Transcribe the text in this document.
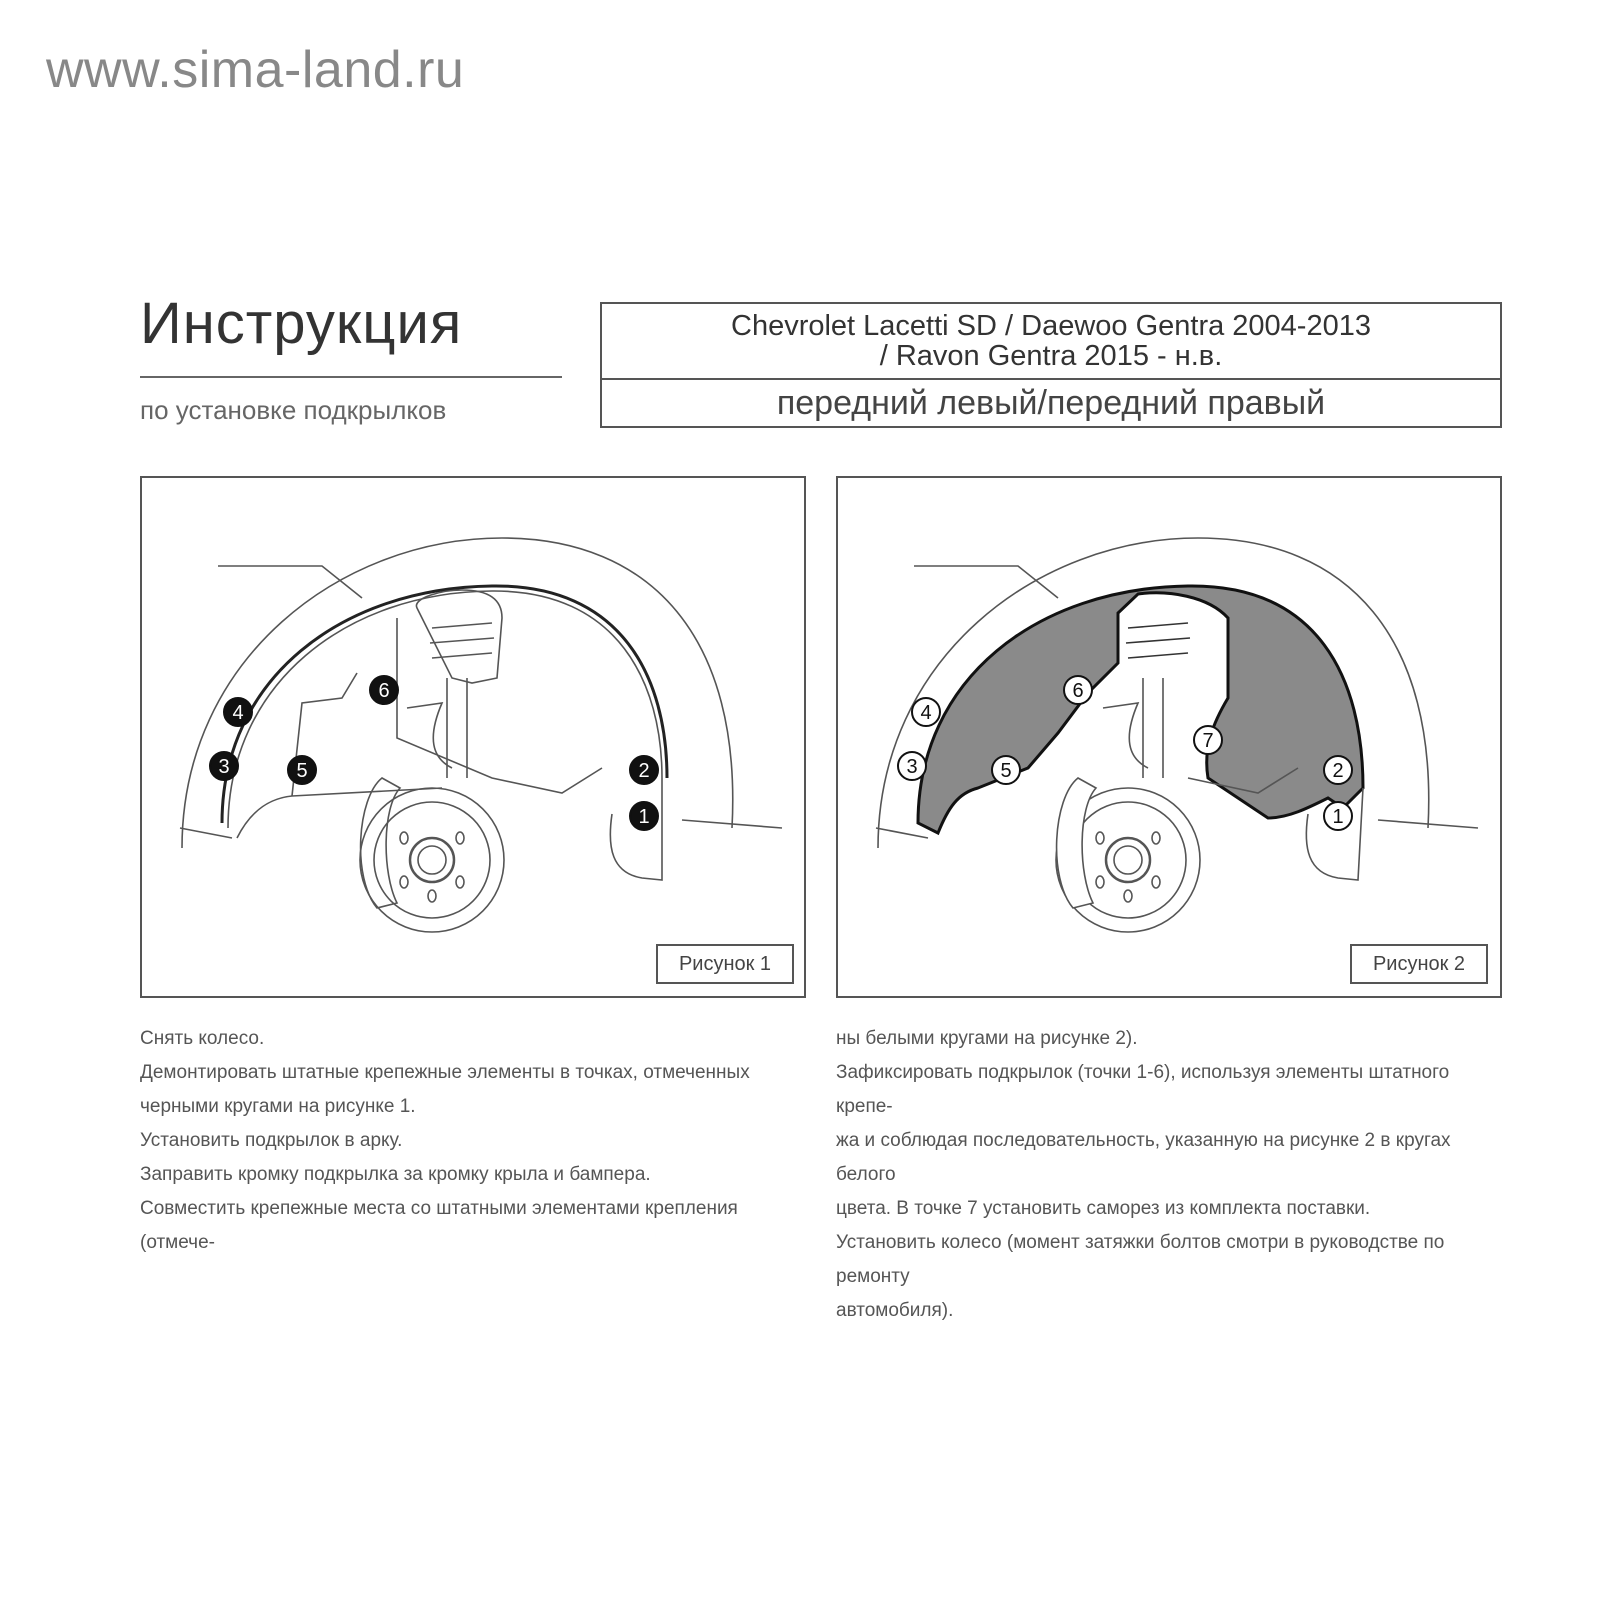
www.sima-land.ru
Инструкция
по установке подкрылков
Chevrolet Lacetti SD / Daewoo Gentra 2004-2013
/ Ravon Gentra 2015 - н.в.
передний левый/передний правый
1
2
3
4
5
6
Рисунок 1
1
2
3
4
5
6
7
Рисунок 2

Снять колесо.

Демонтировать штатные крепежные элементы в точках, отмеченных

черными кругами на рисунке 1.

Установить подкрылок в арку.

Заправить кромку подкрылка за кромку крыла и бампера.

Совместить крепежные места со штатными элементами крепления (отмече-

ны белыми кругами на рисунке 2).

Зафиксировать подкрылок (точки 1-6), используя элементы штатного крепе-

жа и соблюдая последовательность, указанную на рисунке 2 в кругах белого

цвета. В точке 7 установить саморез из комплекта поставки.

Установить колесо (момент затяжки болтов смотри в руководстве по ремонту

автомобиля).
